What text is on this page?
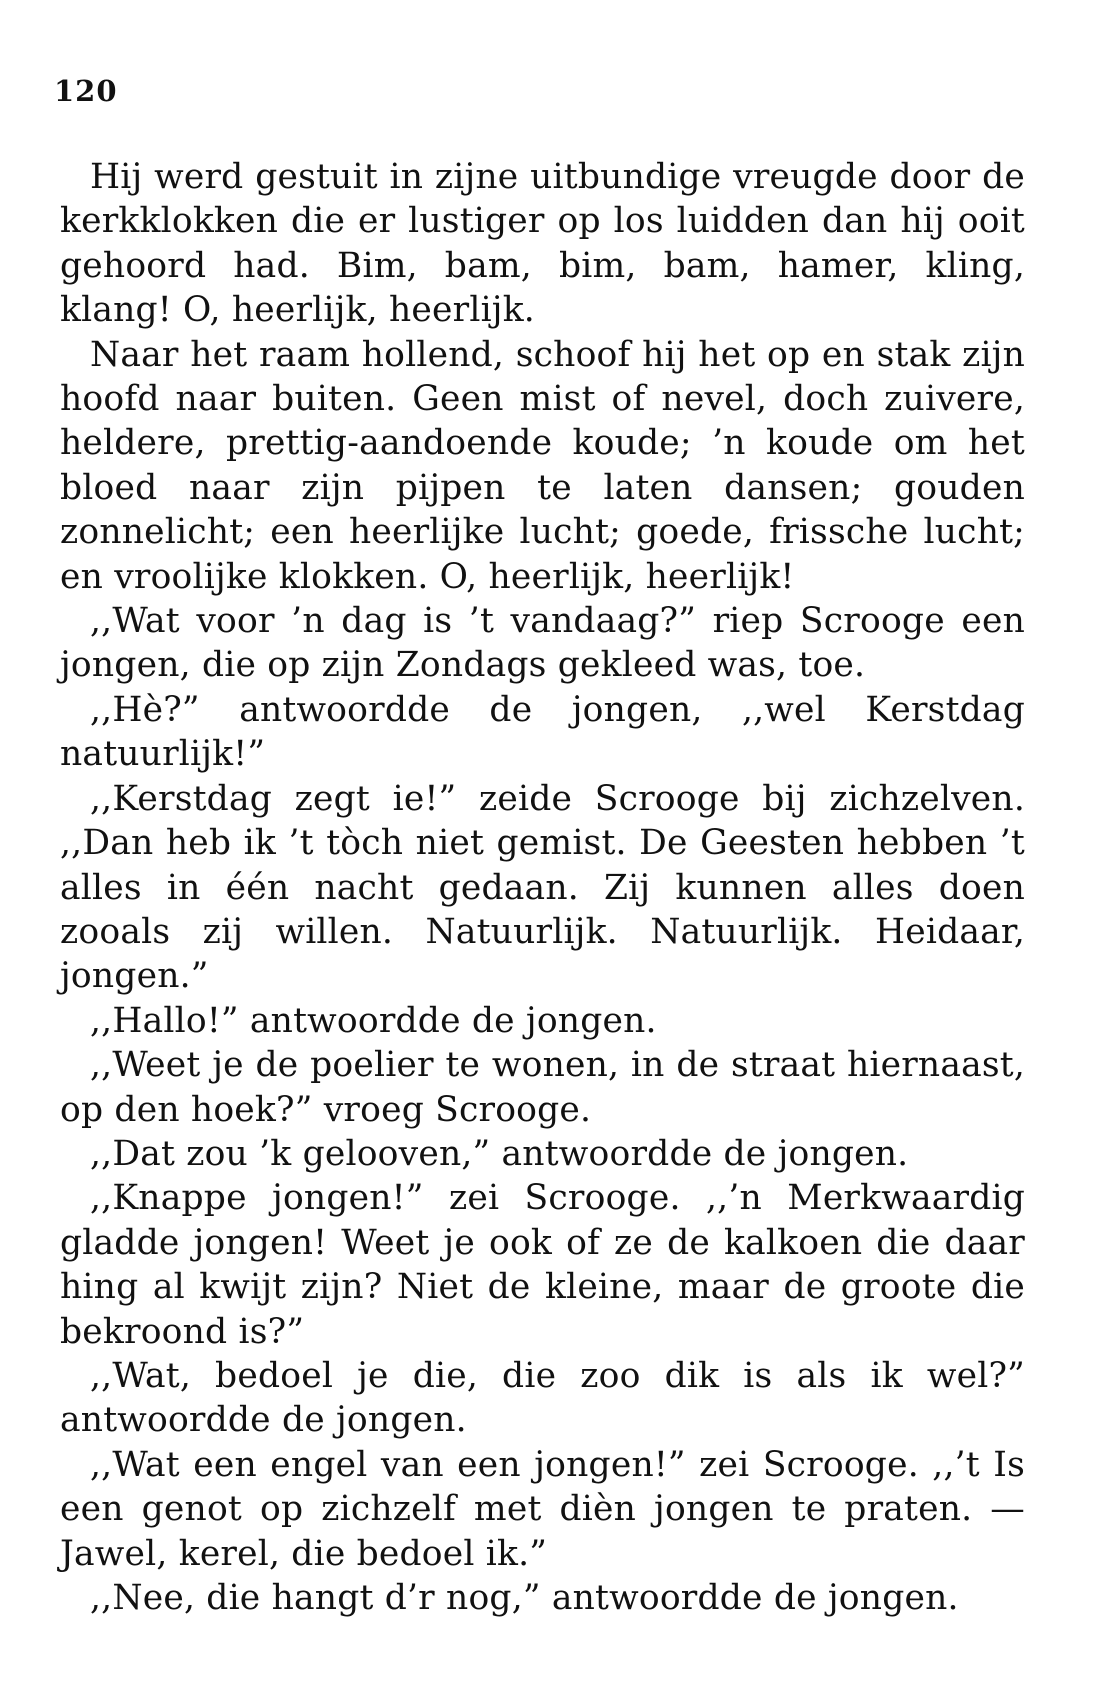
120

Hij werd gestuit in zijne uitbundige vreugde door de kerkklokken die er lustiger op los luidden dan hij ooit gehoord had. Bim, bam, bim, bam, hamer, kling, klang! O, heerlijk, heerlijk.

Naar het raam hollend, schoof hij het op en stak zijn hoofd naar buiten. Geen mist of nevel, doch zuivere, heldere, prettig-aandoende koude; ’n koude om het bloed naar zijn pijpen te laten dansen; gouden zonnelicht; een heerlijke lucht; goede, frissche lucht; en vroolijke klokken. O, heerlijk, heerlijk!

,,Wat voor ’n dag is ’t vandaag?” riep Scrooge een jongen, die op zijn Zondags gekleed was, toe.

,,Hè?” antwoordde de jongen, ,,wel Kerstdag natuurlijk!”

,,Kerstdag zegt ie!” zeide Scrooge bij zichzelven. ,,Dan heb ik ’t tòch niet gemist. De Geesten hebben ’t alles in één nacht gedaan. Zij kunnen alles doen zooals zij willen. Natuurlijk. Natuurlijk. Heidaar, jongen.”

,,Hallo!” antwoordde de jongen.

,,Weet je de poelier te wonen, in de straat hiernaast, op den hoek?” vroeg Scrooge.

,,Dat zou ’k gelooven,” antwoordde de jongen.

,,Knappe jongen!” zei Scrooge. ,,’n Merkwaardig gladde jongen! Weet je ook of ze de kalkoen die daar hing al kwijt zijn? Niet de kleine, maar de groote die bekroond is?”

,,Wat, bedoel je die, die zoo dik is als ik wel?” antwoordde de jongen.

,,Wat een engel van een jongen!” zei Scrooge. ,,’t Is een genot op zichzelf met dièn jongen te praten. — Jawel, kerel, die bedoel ik.”

,,Nee, die hangt d’r nog,” antwoordde de jongen.
